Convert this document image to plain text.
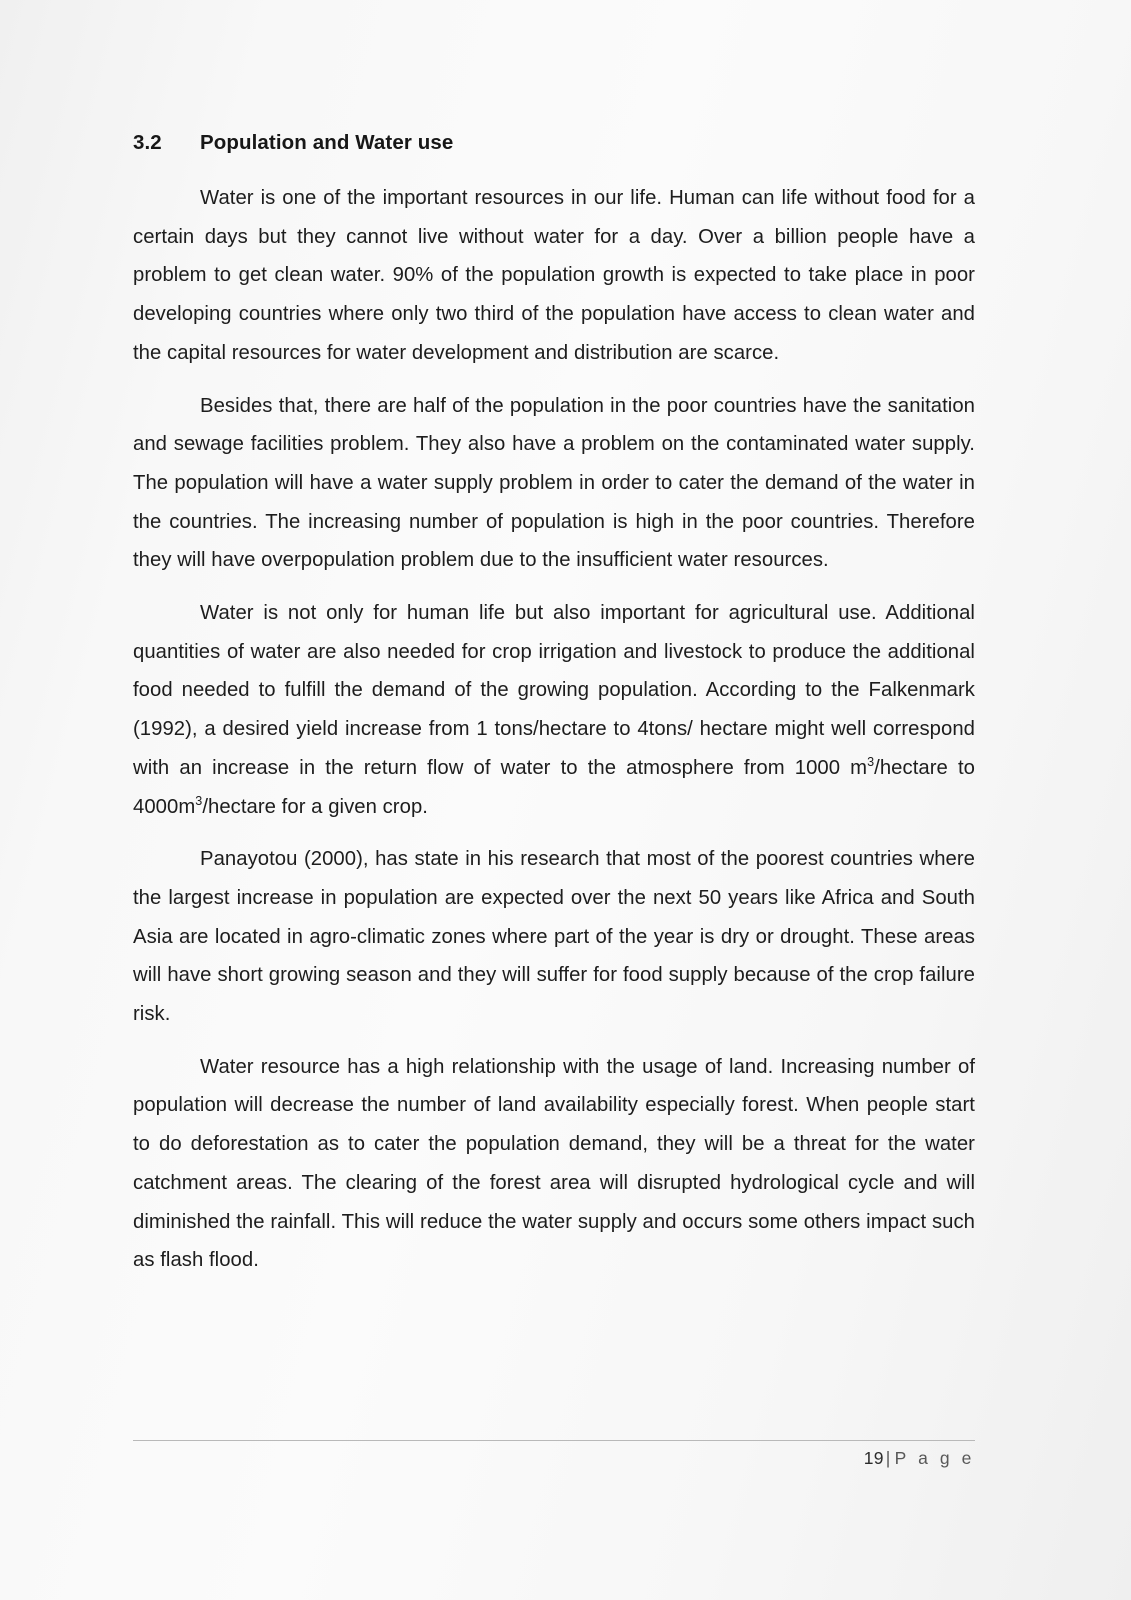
3.2	Population and Water use

Water is one of the important resources in our life. Human can life without food for a certain days but they cannot live without water for a day. Over a billion people have a problem to get clean water. 90% of the population growth is expected to take place in poor developing countries where only two third of the population have access to clean water and the capital resources for water development and distribution are scarce.

Besides that, there are half of the population in the poor countries have the sanitation and sewage facilities problem. They also have a problem on the contaminated water supply. The population will have a water supply problem in order to cater the demand of the water in the countries. The increasing number of population is high in the poor countries. Therefore they will have overpopulation problem due to the insufficient water resources.

Water is not only for human life but also important for agricultural use. Additional quantities of water are also needed for crop irrigation and livestock to produce the additional food needed to fulfill the demand of the growing population. According to the Falkenmark (1992), a desired yield increase from 1 tons/hectare to 4tons/ hectare might well correspond with an increase in the return flow of water to the atmosphere from 1000 $m^3$/hectare to $4000m^3$/hectare for a given crop.

Panayotou (2000), has state in his research that most of the poorest countries where the largest increase in population are expected over the next 50 years like Africa and South Asia are located in agro-climatic zones where part of the year is dry or drought. These areas will have short growing season and they will suffer for food supply because of the crop failure risk.

Water resource has a high relationship with the usage of land. Increasing number of population will decrease the number of land availability especially forest. When people start to do deforestation as to cater the population demand, they will be a threat for the water catchment areas. The clearing of the forest area will disrupted hydrological cycle and will diminished the rainfall. This will reduce the water supply and occurs some others impact such as flash flood.

19 | P a g e
